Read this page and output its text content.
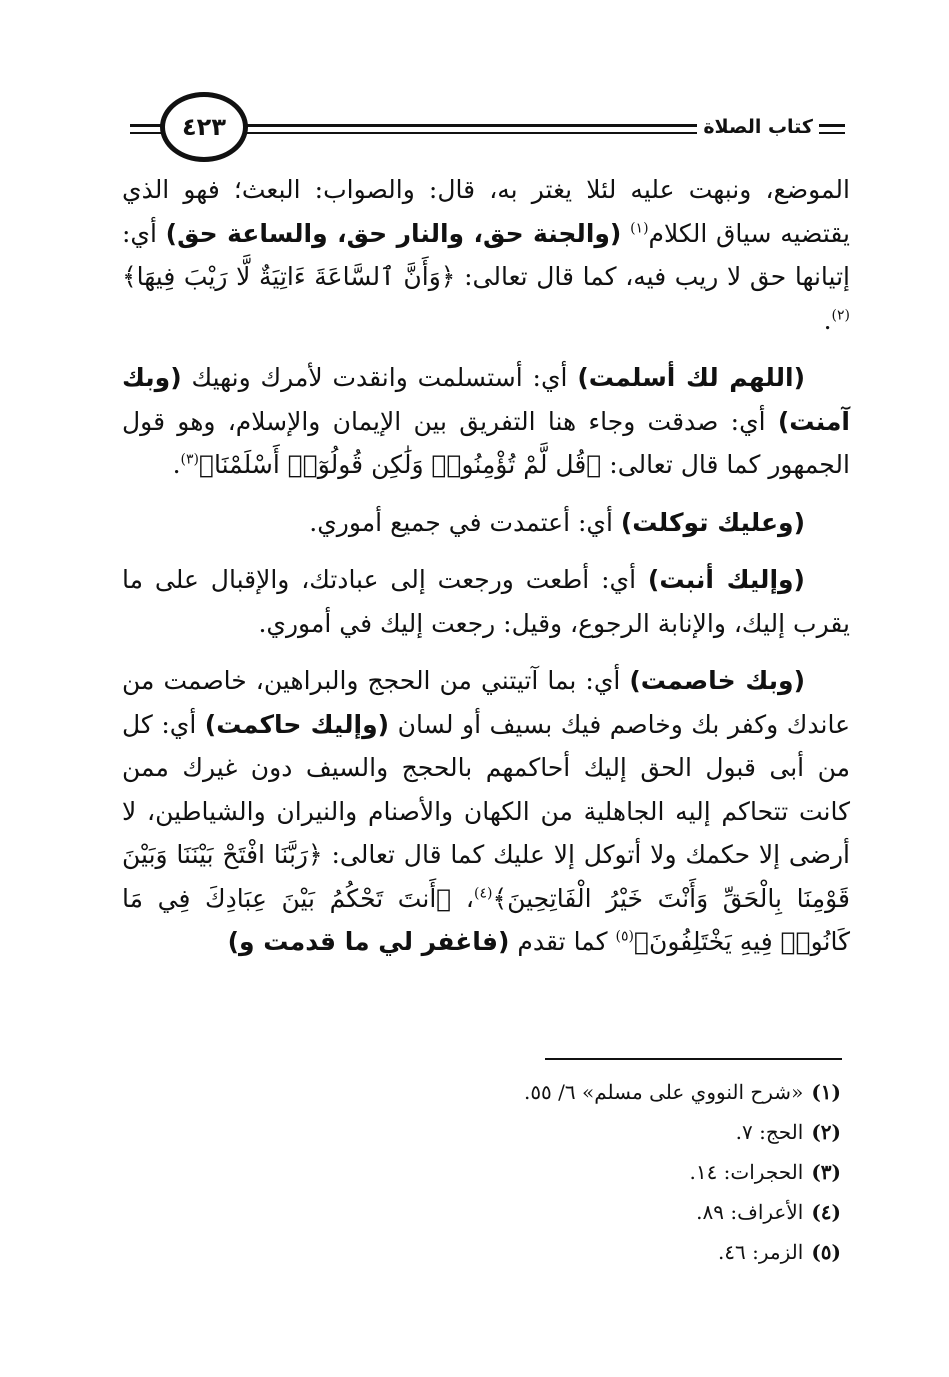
٤٢٣	كتاب الصلاة

الموضع، ونبهت عليه لئلا يغتر به، قال: والصواب: البعث؛ فهو الذي يقتضيه سياق الكلام$^{(١)}$ (والجنة حق، والنار حق، والساعة حق) أي: إتيانها حق لا ريب فيه، كما قال تعالى: ﴿وَأَنَّ ٱلسَّاعَةَ ءَاتِيَةٌ لَّا رَيْبَ فِيهَا﴾$^{(٢)}$.

(اللهم لك أسلمت) أي: أستسلمت وانقدت لأمرك ونهيك (وبك آمنت) أي: صدقت وجاء هنا التفريق بين الإيمان والإسلام، وهو قول الجمهور كما قال تعالى: ﴿قُل لَّمْ تُؤْمِنُوا۟ وَلَٰكِن قُولُوٓا۟ أَسْلَمْنَا﴾$^{(٣)}$.

(وعليك توكلت) أي: أعتمدت في جميع أموري.

(وإليك أنبت) أي: أطعت ورجعت إلى عبادتك، والإقبال على ما يقرب إليك، والإنابة الرجوع، وقيل: رجعت إليك في أموري.

(وبك خاصمت) أي: بما آتيتني من الحجج والبراهين، خاصمت من عاندك وكفر بك وخاصم فيك بسيف أو لسان (وإليك حاكمت) أي: كل من أبى قبول الحق إليك أحاكمهم بالحجج والسيف دون غيرك ممن كانت تتحاكم إليه الجاهلية من الكهان والأصنام والنيران والشياطين، لا أرضى إلا حكمك ولا أتوكل إلا عليك كما قال تعالى: ﴿رَبَّنَا افْتَحْ بَيْنَنَا وَبَيْنَ قَوْمِنَا بِالْحَقِّ وَأَنْتَ خَيْرُ الْفَاتِحِينَ﴾$^{(٤)}$، ﴿أَنتَ تَحْكُمُ بَيْنَ عِبَادِكَ فِي مَا كَانُوا۟ فِيهِ يَخْتَلِفُونَ﴾$^{(٥)}$ كما تقدم (فاغفر لي ما قدمت و)

(١)«شرح النووي على مسلم» ٦/ ٥٥.
(٢)الحج: ٧.
(٣)الحجرات: ١٤.
(٤)الأعراف: ٨٩.
(٥)الزمر: ٤٦.
